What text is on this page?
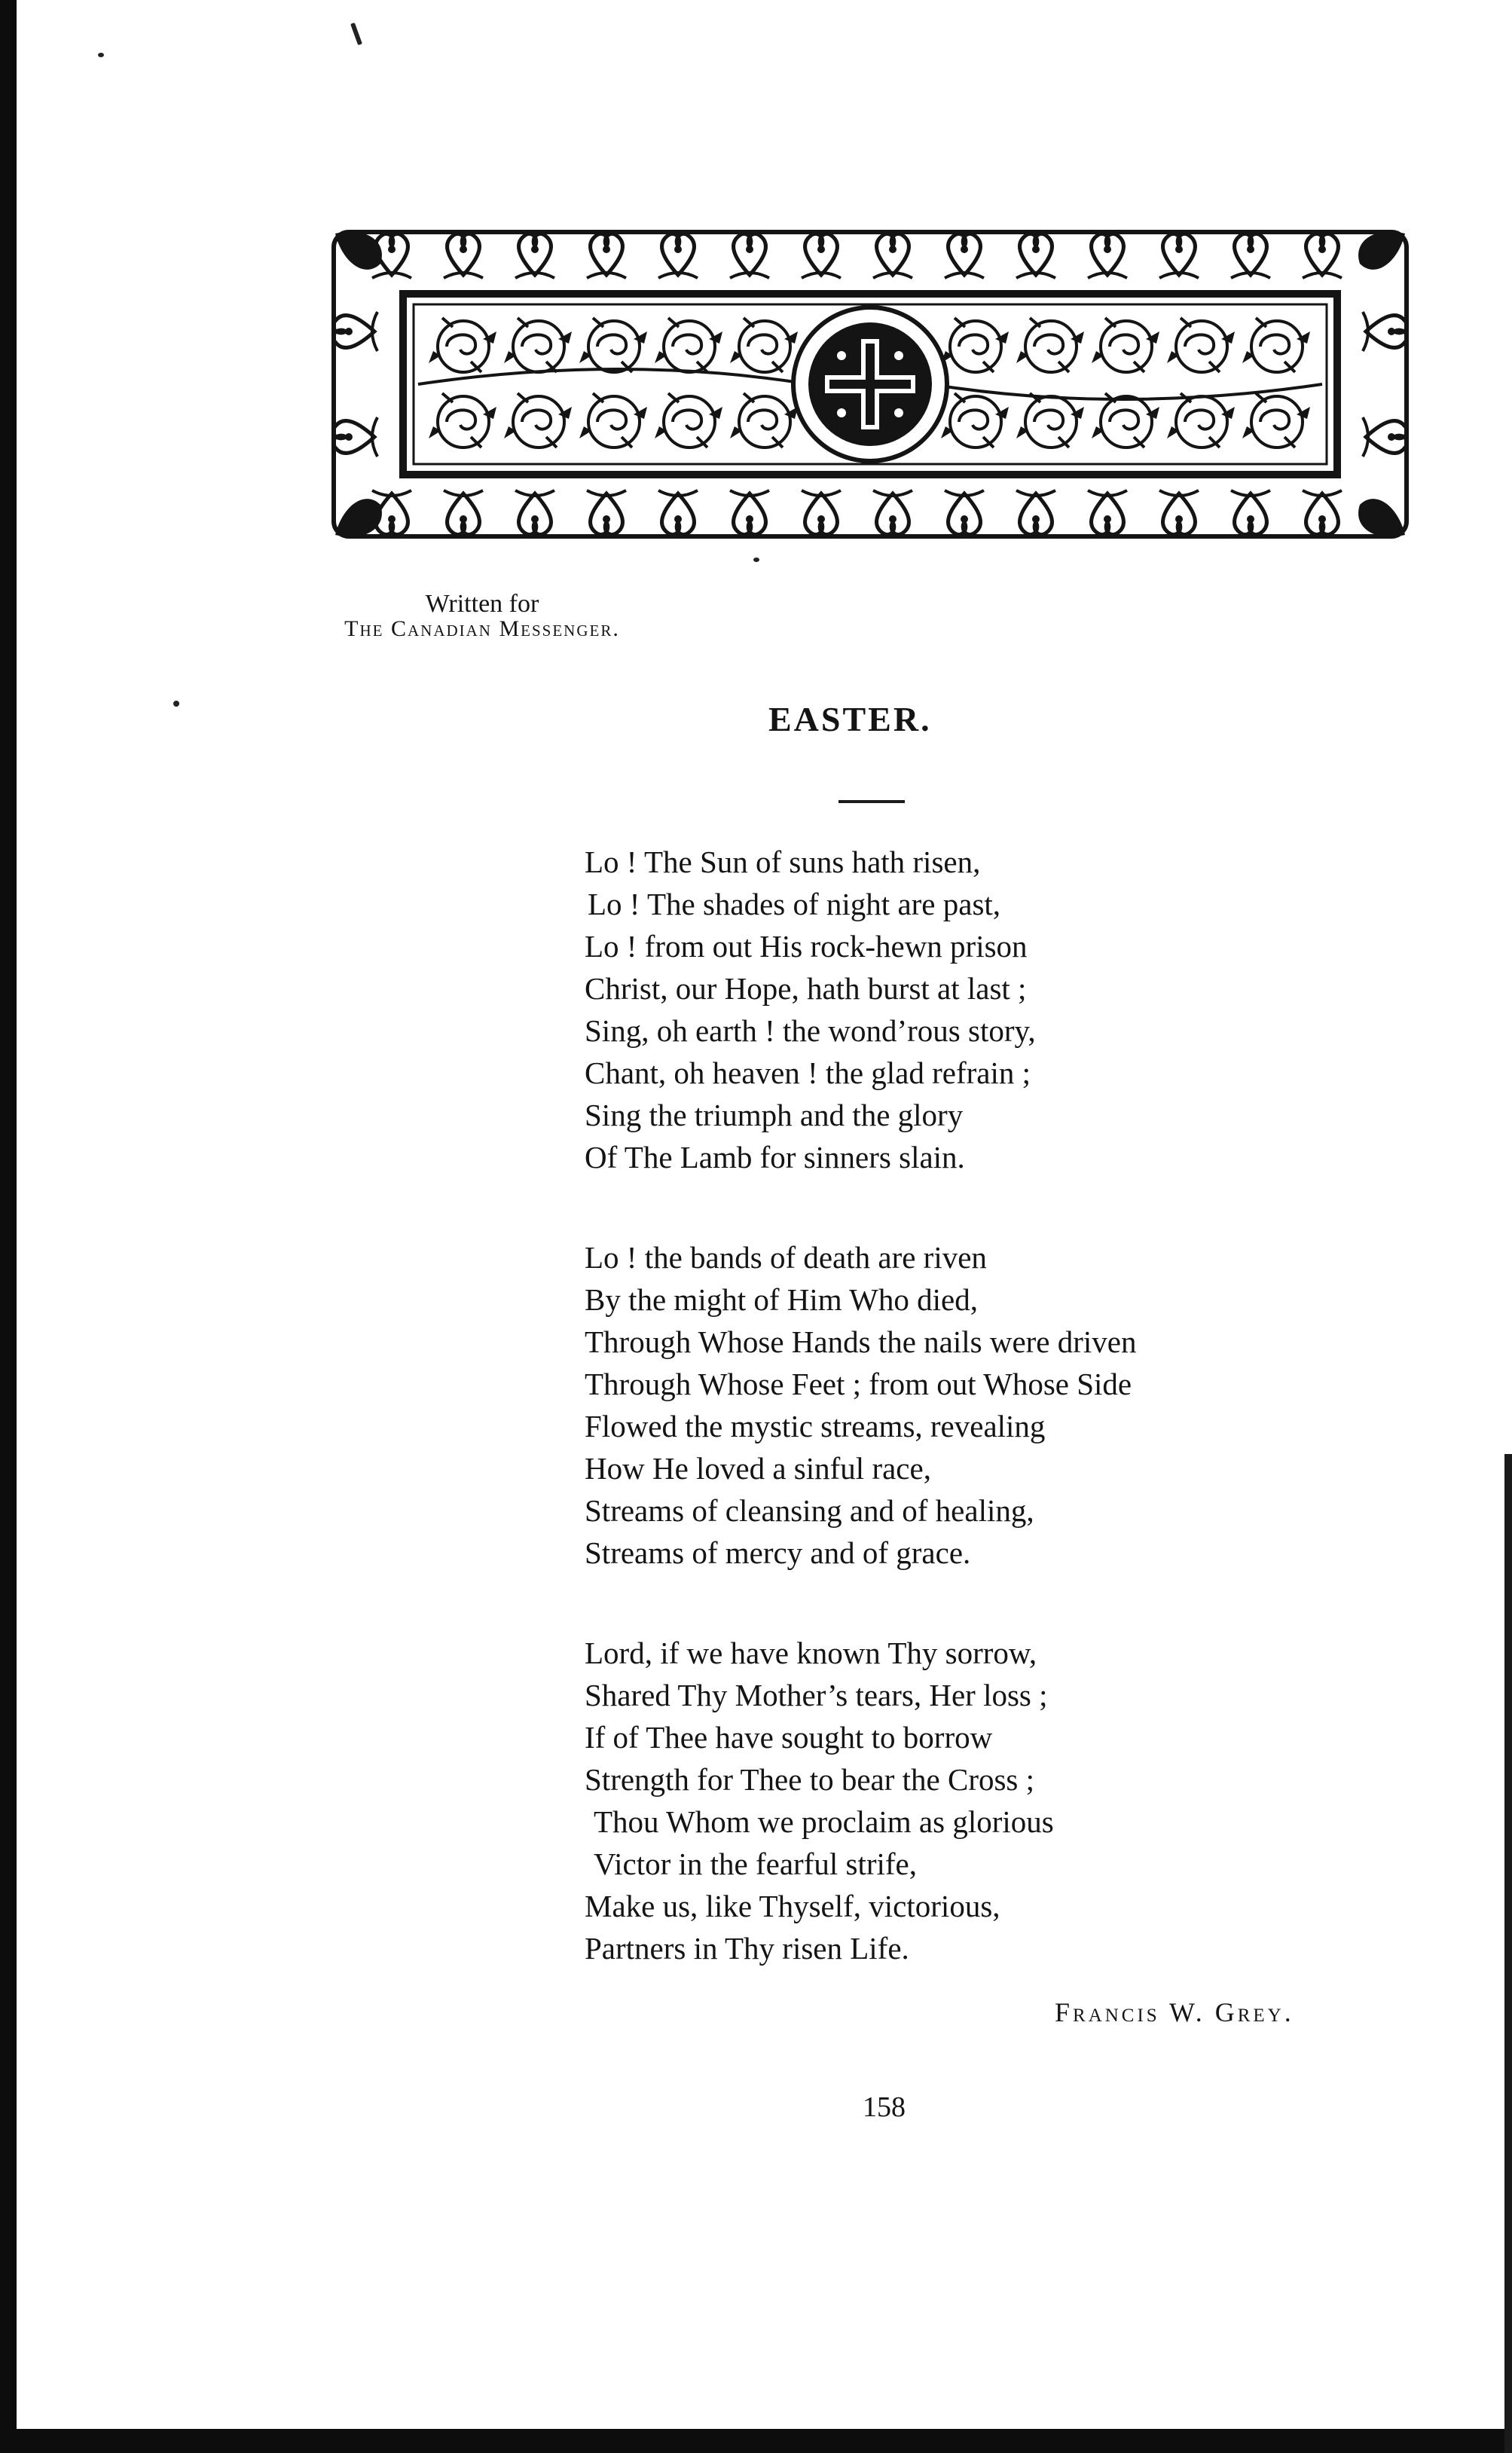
Written for
The Canadian Messenger.
EASTER.
Lo ! The Sun of suns hath risen,
Lo ! The shades of night are past,
Lo ! from out His rock-hewn prison
Christ, our Hope, hath burst at last ;
Sing, oh earth ! the wond’rous story,
Chant, oh heaven ! the glad refrain ;
Sing the triumph and the glory
Of The Lamb for sinners slain.
Lo ! the bands of death are riven
By the might of Him Who died,
Through Whose Hands the nails were driven
Through Whose Feet ; from out Whose Side
Flowed the mystic streams, revealing
How He loved a sinful race,
Streams of cleansing and of healing,
Streams of mercy and of grace.
Lord, if we have known Thy sorrow,
Shared Thy Mother’s tears, Her loss ;
If of Thee have sought to borrow
Strength for Thee to bear the Cross ;
Thou Whom we proclaim as glorious
Victor in the fearful strife,
Make us, like Thyself, victorious,
Partners in Thy risen Life.
Francis W. Grey.
158
